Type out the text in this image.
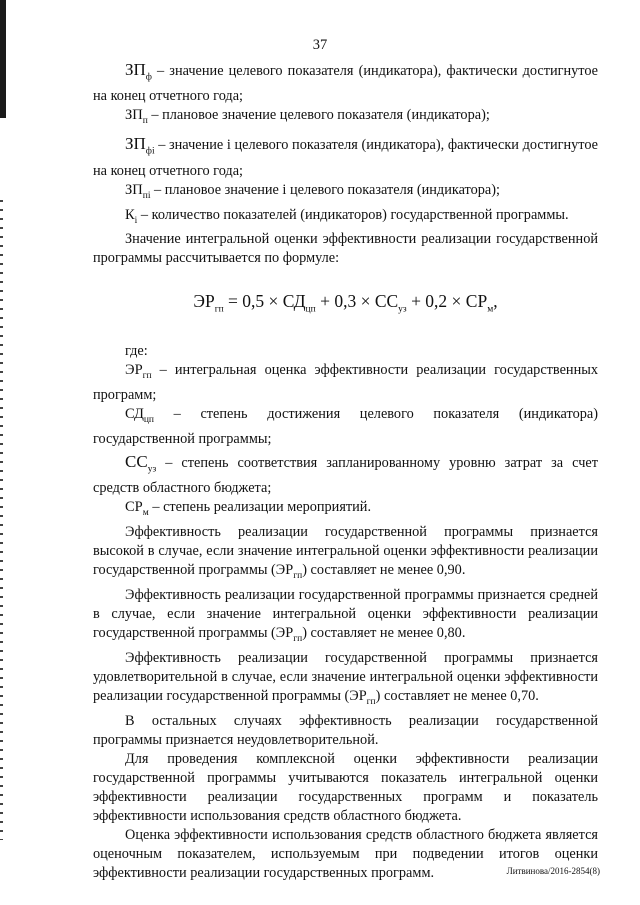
37

$ЗП_ф$ – значение целевого показателя (индикатора), фактически достигнутое на конец отчетного года;

$ЗП_п$ – плановое значение целевого показателя (индикатора);

$ЗП_{фi}$ – значение i целевого показателя (индикатора), фактически достигнутое на конец отчетного года;

$ЗП_{пi}$ – плановое значение i целевого показателя (индикатора);

$К_i$ – количество показателей (индикаторов) государственной программы.

Значение интегральной оценки эффективности реализации государственной программы рассчитывается по формуле:

$ЭР_{гп} = 0,5 \times СД_{цп} + 0,3 \times СС_{уз} + 0,2 \times СР_м$,

где:

$ЭР_{гп}$ – интегральная оценка эффективности реализации государственных программ;

$СД_{цп}$ – степень достижения целевого показателя (индикатора) государственной программы;

$СС_{уз}$ – степень соответствия запланированному уровню затрат за счет средств областного бюджета;

$СР_м$ – степень реализации мероприятий.

Эффективность реализации государственной программы признается высокой в случае, если значение интегральной оценки эффективности реализации государственной программы $(ЭР_{гп})$ составляет не менее 0,90.

Эффективность реализации государственной программы признается средней в случае, если значение интегральной оценки эффективности реализации государственной программы $(ЭР_{гп})$ составляет не менее 0,80.

Эффективность реализации государственной программы признается удовлетворительной в случае, если значение интегральной оценки эффективности реализации государственной программы $(ЭР_{гп})$ составляет не менее 0,70.

В остальных случаях эффективность реализации государственной программы признается неудовлетворительной.

Для проведения комплексной оценки эффективности реализации государственной программы учитываются показатель интегральной оценки эффективности реализации государственных программ и показатель эффективности использования средств областного бюджета.

Оценка эффективности использования средств областного бюджета является оценочным показателем, используемым при подведении итогов оценки эффективности реализации государственных программ.	Литвинова/2016-2854(8)
